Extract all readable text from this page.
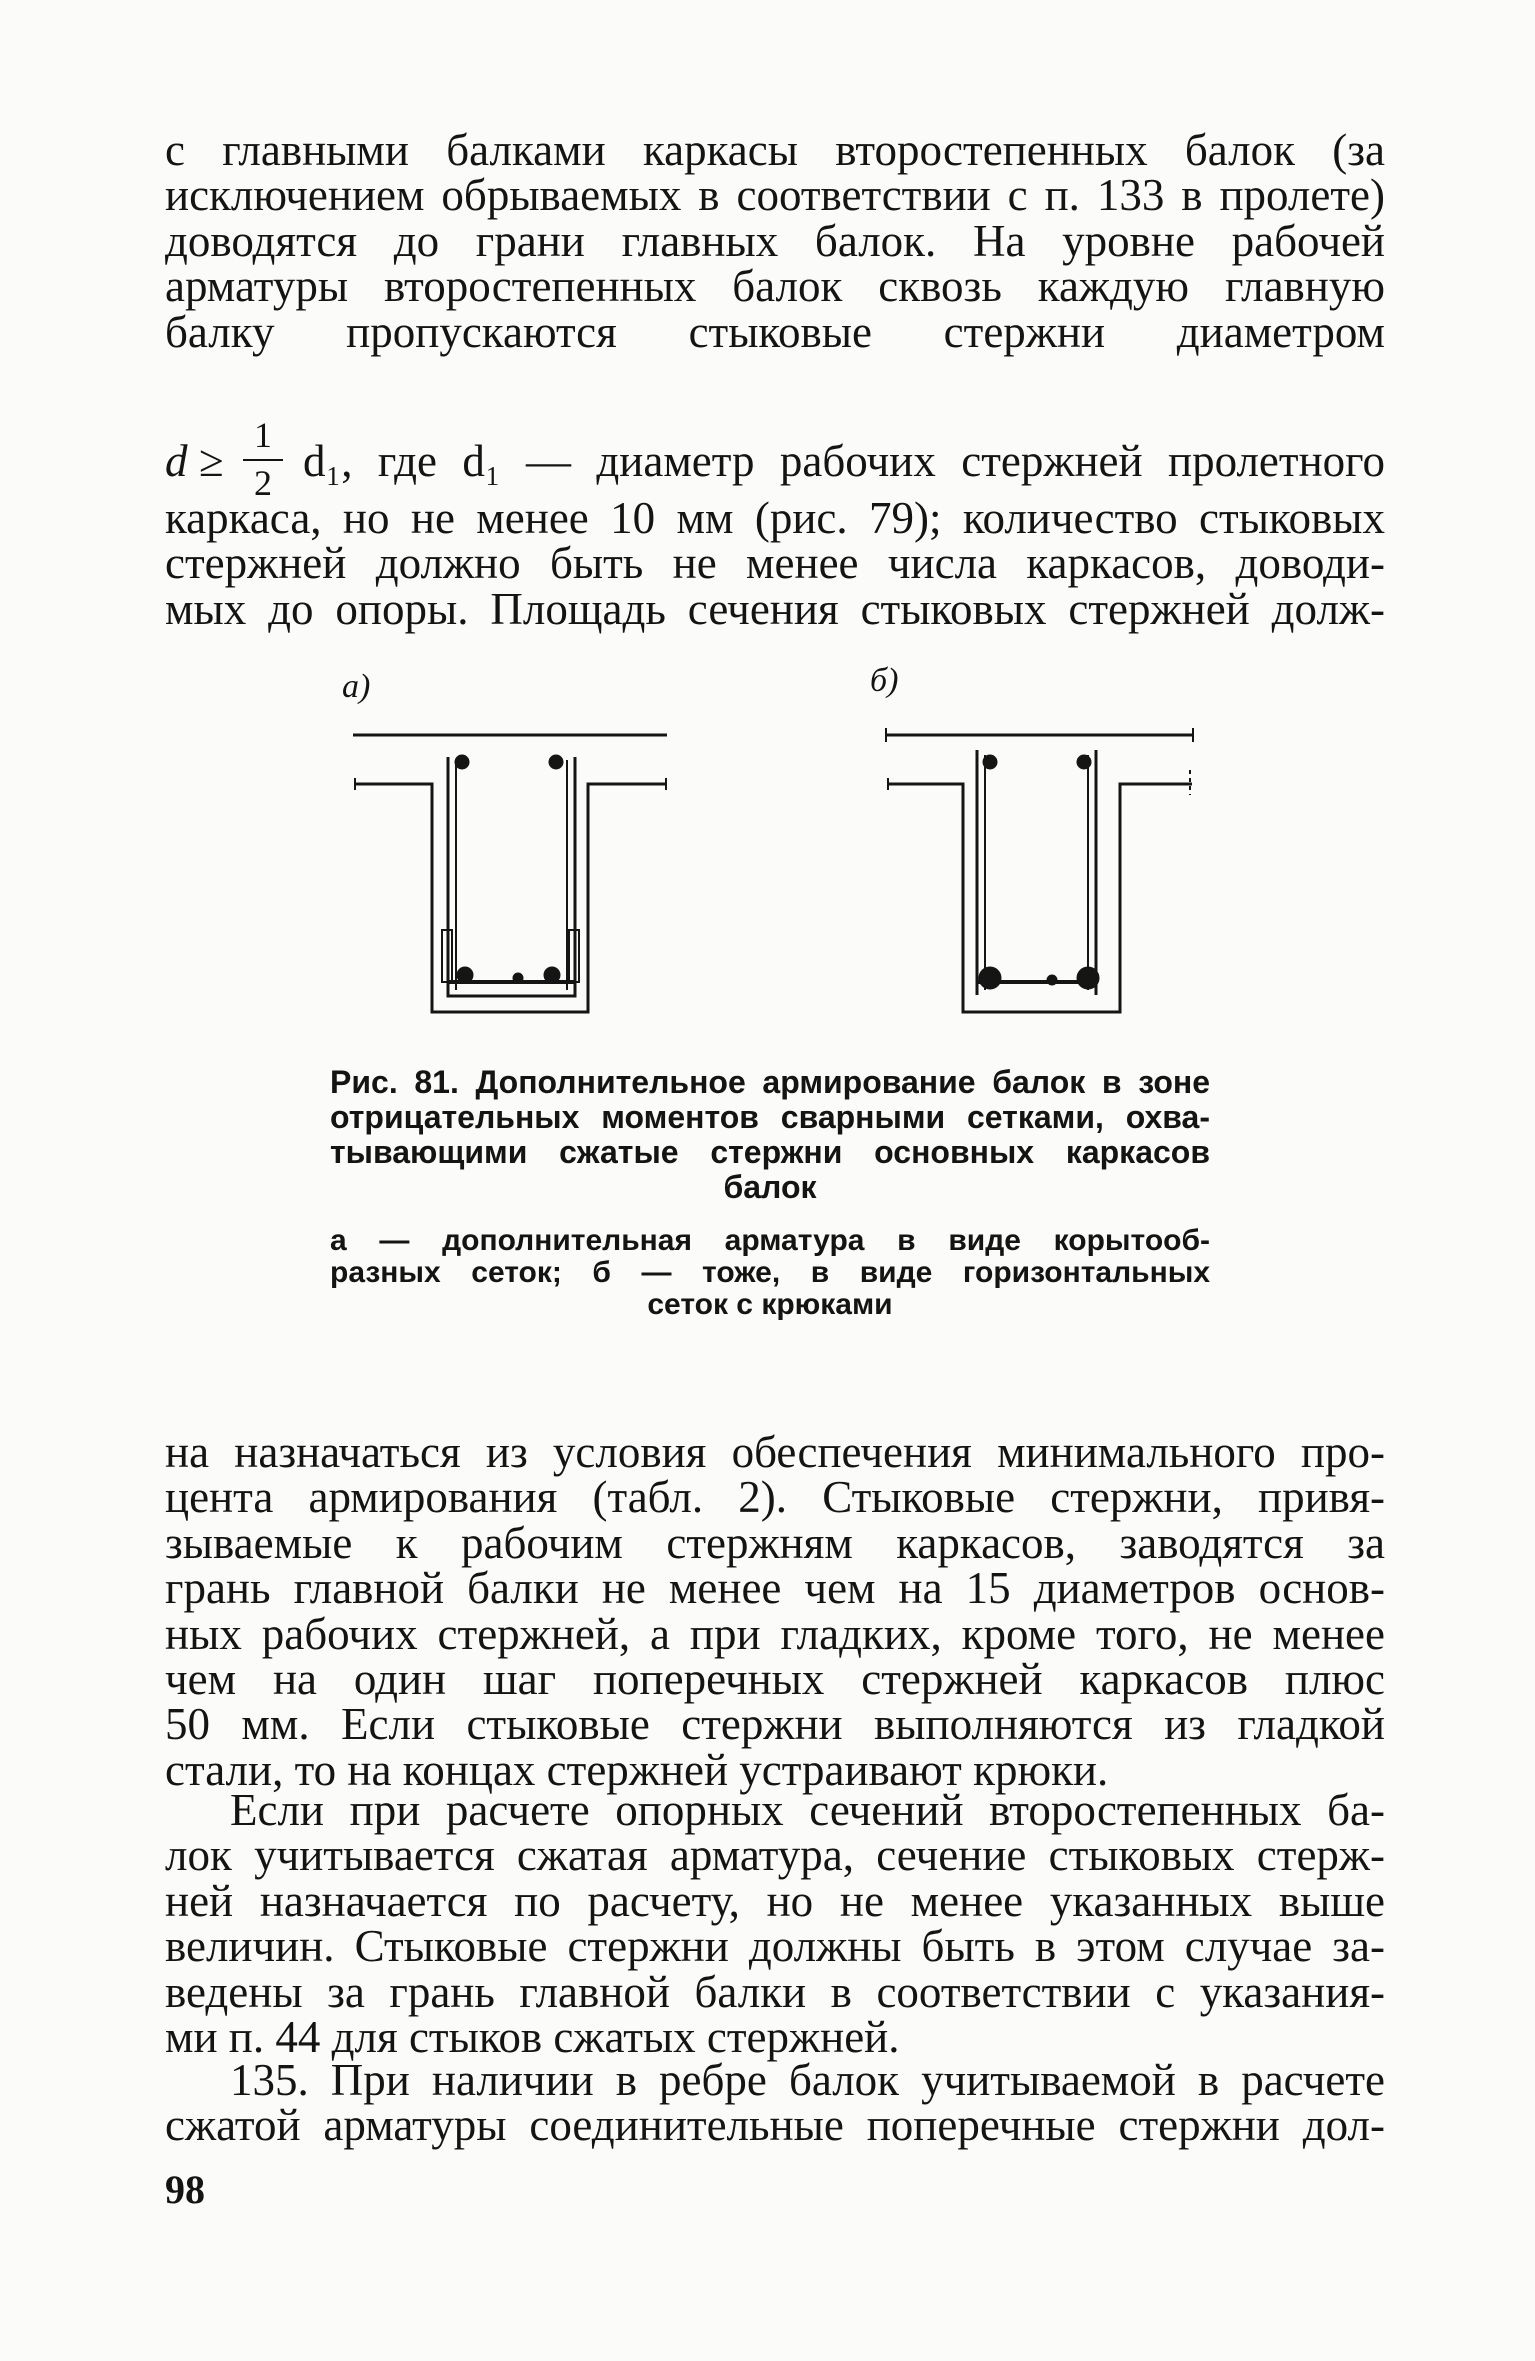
с главными балками каркасы второстепенных балок (за
исключением обрываемых в соответствии с п. 133 в пролете)
доводятся до грани главных балок. На уровне рабочей
арматуры второстепенных балок сквозь каждую главную
балку пропускаются стыковые стержни диаметром
d ≥
1
2 d₁, где d₁ — диаметр рабочих стержней пролетного
каркаса, но не менее 10 мм (рис. 79); количество стыковых
стержней должно быть не менее числа каркасов, доводи-
мых до опоры. Площадь сечения стыковых стержней долж-
а)	б)
Рис. 81. Дополнительное армирование балок в зоне
отрицательных моментов сварными сетками, охва-
тывающими сжатые стержни основных каркасов
балок
а — дополнительная арматура в виде корытооб-
разных сеток; б — тоже, в виде горизонтальных
сеток с крюками
на назначаться из условия обеспечения минимального про-
цента армирования (табл. 2). Стыковые стержни, привя-
зываемые к рабочим стержням каркасов, заводятся за
грань главной балки не менее чем на 15 диаметров основ-
ных рабочих стержней, а при гладких, кроме того, не менее
чем на один шаг поперечных стержней каркасов плюс
50 мм. Если стыковые стержни выполняются из гладкой
стали, то на концах стержней устраивают крюки.
Если при расчете опорных сечений второстепенных ба-
лок учитывается сжатая арматура, сечение стыковых стерж-
ней назначается по расчету, но не менее указанных выше
величин. Стыковые стержни должны быть в этом случае за-
ведены за грань главной балки в соответствии с указания-
ми п. 44 для стыков сжатых стержней.
135. При наличии в ребре балок учитываемой в расчете
сжатой арматуры соединительные поперечные стержни дол-
98
